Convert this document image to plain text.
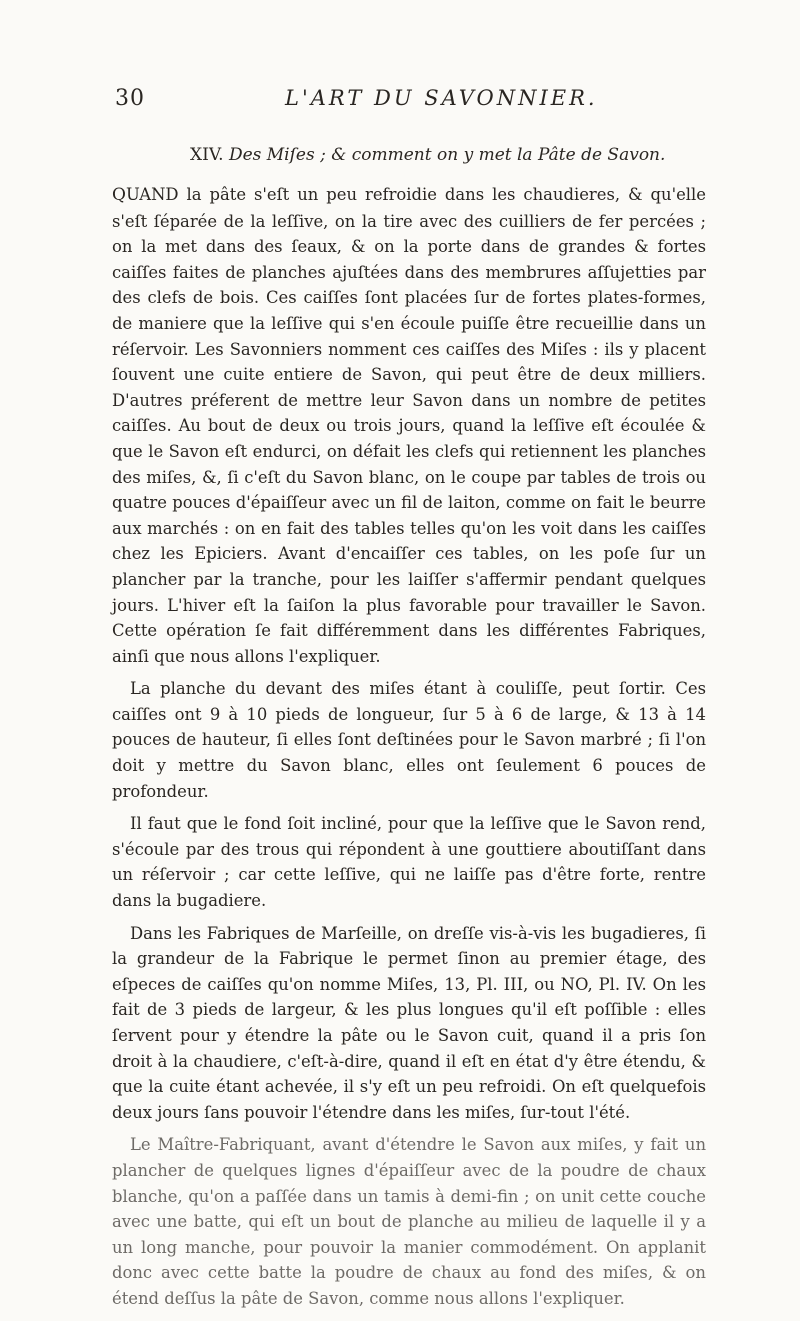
30	L'ART DU SAVONNIER.
XIV. Des Miſes ; & comment on y met la Pâte de Savon.

QUAND la pâte s'eſt un peu refroidie dans les chaudieres, & qu'elle s'eſt ſéparée de la leſſive, on la tire avec des cuilliers de fer percées ; on la met dans des ſeaux, & on la porte dans de grandes & fortes caiſſes faites de planches ajuſtées dans des membrures aſſujetties par des clefs de bois. Ces caiſſes ſont placées ſur de fortes plates-formes, de maniere que la leſſive qui s'en écoule puiſſe être recueillie dans un réſervoir. Les Savonniers nomment ces caiſſes des Miſes : ils y placent ſouvent une cuite entiere de Savon, qui peut être de deux milliers. D'autres préferent de mettre leur Savon dans un nombre de petites caiſſes. Au bout de deux ou trois jours, quand la leſſive eſt écoulée & que le Savon eſt endurci, on défait les clefs qui retiennent les planches des miſes, &, ſi c'eſt du Savon blanc, on le coupe par tables de trois ou quatre pouces d'épaiſſeur avec un fil de laiton, comme on fait le beurre aux marchés : on en fait des tables telles qu'on les voit dans les caiſſes chez les Epiciers. Avant d'encaiſſer ces tables, on les poſe ſur un plancher par la tranche, pour les laiſſer s'affermir pendant quelques jours. L'hiver eſt la ſaiſon la plus favorable pour travailler le Savon. Cette opération ſe fait différemment dans les différentes Fabriques, ainſi que nous allons l'expliquer.

La planche du devant des miſes étant à couliſſe, peut ſortir. Ces caiſſes ont 9 à 10 pieds de longueur, ſur 5 à 6 de large, & 13 à 14 pouces de hauteur, ſi elles ſont deſtinées pour le Savon marbré ; ſi l'on doit y mettre du Savon blanc, elles ont ſeulement 6 pouces de profondeur.

Il faut que le fond ſoit incliné, pour que la leſſive que le Savon rend, s'écoule par des trous qui répondent à une gouttiere aboutiſſant dans un réſervoir ; car cette leſſive, qui ne laiſſe pas d'être forte, rentre dans la bugadiere.

Dans les Fabriques de Marſeille, on dreſſe vis-à-vis les bugadieres, ſi la grandeur de la Fabrique le permet ſinon au premier étage, des eſpeces de caiſſes qu'on nomme Miſes, 13, Pl. III, ou NO, Pl. IV. On les fait de 3 pieds de largeur, & les plus longues qu'il eſt poſſible : elles ſervent pour y étendre la pâte ou le Savon cuit, quand il a pris ſon droit à la chaudiere, c'eſt-à-dire, quand il eſt en état d'y être étendu, & que la cuite étant achevée, il s'y eſt un peu refroidi. On eſt quelquefois deux jours ſans pouvoir l'étendre dans les miſes, ſur-tout l'été.

Le Maître-Fabriquant, avant d'étendre le Savon aux miſes, y fait un plancher de quelques lignes d'épaiſſeur avec de la poudre de chaux blanche, qu'on a paſſée dans un tamis à demi-fin ; on unit cette couche avec une batte, qui eſt un bout de planche au milieu de laquelle il y a un long manche, pour pouvoir la manier commodément. On applanit donc avec cette batte la poudre de chaux au fond des miſes, & on étend deſſus la pâte de Savon, comme nous allons l'expliquer.
